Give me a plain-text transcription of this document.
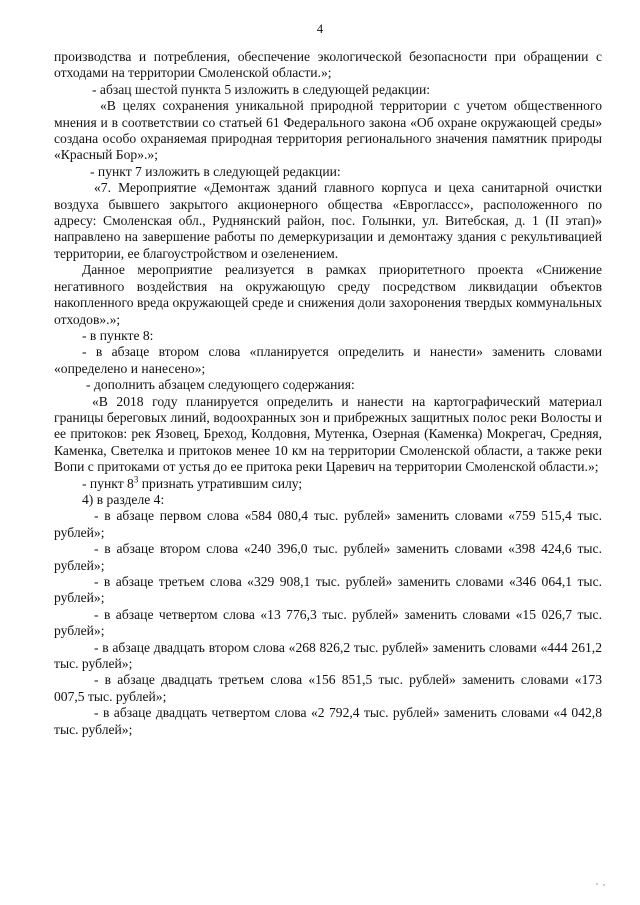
4

производства и потребления, обеспечение экологической безопасности при обращении с отходами на территории Смоленской области.»;

- абзац шестой пункта 5 изложить в следующей редакции:

«В целях сохранения уникальной природной территории с учетом общественного мнения и в соответствии со статьей 61 Федерального закона «Об охране окружающей среды» создана особо охраняемая природная территория регионального значения памятник природы «Красный Бор».»;

- пункт 7 изложить в следующей редакции:

«7. Мероприятие «Демонтаж зданий главного корпуса и цеха санитарной очистки воздуха бывшего закрытого акционерного общества «Евроглассс», расположенного по адресу: Смоленская обл., Руднянский район, пос. Голынки, ул. Витебская, д. 1 (II этап)» направлено на завершение работы по демеркуризации и демонтажу здания с рекультивацией территории, ее благоустройством и озеленением.

Данное мероприятие реализуется в рамках приоритетного проекта «Снижение негативного воздействия на окружающую среду посредством ликвидации объектов накопленного вреда окружающей среде и снижения доли захоронения твердых коммунальных отходов».»;

- в пункте 8:

- в абзаце втором слова «планируется определить и нанести» заменить словами «определено и нанесено»;

- дополнить абзацем следующего содержания:

«В 2018 году планируется определить и нанести на картографический материал границы береговых линий, водоохранных зон и прибрежных защитных полос реки Волосты и ее притоков: рек Язовец, Бреход, Колдовня, Мутенка, Озерная (Каменка) Мокрегач, Средняя, Каменка, Светелка и притоков менее 10 км на территории Смоленской области, а также реки Вопи с притоками от устья до ее притока реки Царевич на территории Смоленской области.»;

- пункт $8^3$ признать утратившим силу;

4) в разделе 4:

- в абзаце первом слова «584 080,4 тыс. рублей» заменить словами «759 515,4 тыс. рублей»;

- в абзаце втором слова «240 396,0 тыс. рублей» заменить словами «398 424,6 тыс. рублей»;

- в абзаце третьем слова «329 908,1 тыс. рублей» заменить словами «346 064,1 тыс. рублей»;

- в абзаце четвертом слова «13 776,3 тыс. рублей» заменить словами «15 026,7 тыс. рублей»;

- в абзаце двадцать втором слова «268 826,2 тыс. рублей» заменить словами «444 261,2 тыс. рублей»;

- в абзаце двадцать третьем слова «156 851,5 тыс. рублей» заменить словами «173 007,5 тыс. рублей»;

- в абзаце двадцать четвертом слова «2 792,4 тыс. рублей» заменить словами «4 042,8 тыс. рублей»;
